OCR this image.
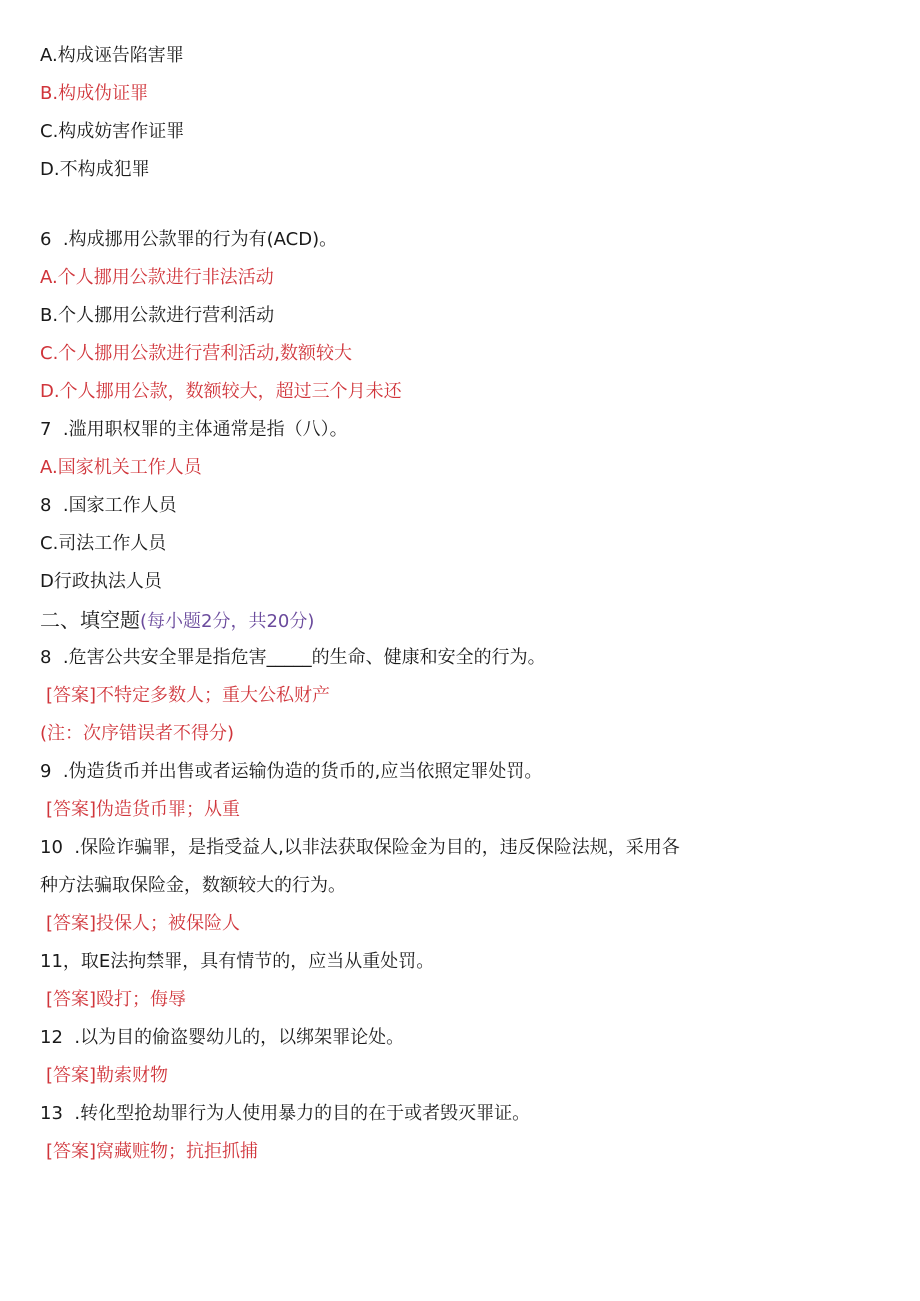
A.构成诬告陷害罪
B.构成伪证罪
C.构成妨害作证罪
D.不构成犯罪
6  .构成挪用公款罪的行为有(ACD)。
A.个人挪用公款进行非法活动
B.个人挪用公款进行营利活动
C.个人挪用公款进行营利活动,数额较大
D.个人挪用公款，数额较大，超过三个月未还
7  .滥用职权罪的主体通常是指（八）。
A.国家机关工作人员
8  .国家工作人员
C.司法工作人员
D行政执法人员
二、填空题(每小题2分，共20分)
8  .危害公共安全罪是指危害_____的生命、健康和安全的行为。
[答案]不特定多数人；重大公私财产
(注：次序错误者不得分)
9  .伪造货币并出售或者运输伪造的货币的,应当依照定罪处罚。
[答案]伪造货币罪；从重
10  .保险诈骗罪，是指受益人,以非法获取保险金为目的，违反保险法规，采用各
种方法骗取保险金，数额较大的行为。
[答案]投保人；被保险人
11，取E法拘禁罪，具有情节的，应当从重处罚。
[答案]殴打；侮辱
12  .以为目的偷盗婴幼儿的，以绑架罪论处。
[答案]勒索财物
13  .转化型抢劫罪行为人使用暴力的目的在于或者毁灭罪证。
[答案]窝藏赃物；抗拒抓捕
